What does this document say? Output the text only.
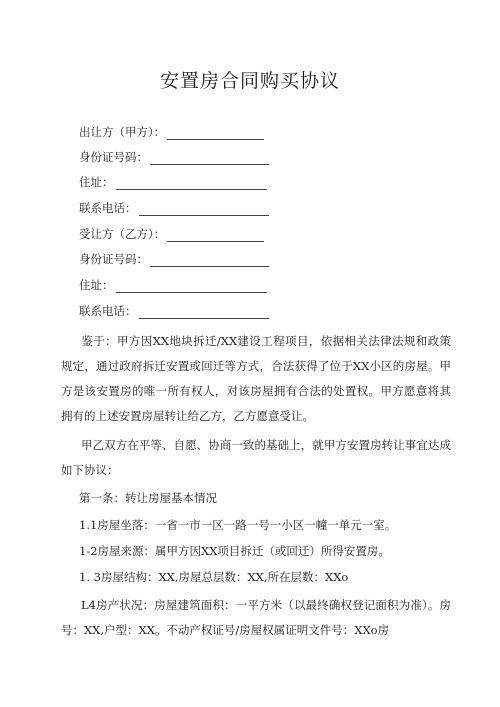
安置房合同购买协议
出让方（甲方）：
身份证号码：
住址：
联系电话：
受让方（乙方）：
身份证号码：
住址：
联系电话：
鉴于：甲方因XX地块拆迁/XX建设工程项目，依据相关法律法规和政策规定，通过政府拆迁安置或回迁等方式，合法获得了位于XX小区的房屋。甲方是该安置房的唯一所有权人，对该房屋拥有合法的处置权。甲方愿意将其拥有的上述安置房屋转让给乙方，乙方愿意受让。
甲乙双方在平等、自愿、协商一致的基础上，就甲方安置房转让事宜达成如下协议：
第一条：转让房屋基本情况
1.1房屋坐落：一省一市一区一路一号一小区一幢一单元一室。
1-2房屋来源：属甲方因XX项目拆迁（或回迁）所得安置房。
1. 3房屋结构：XX,房屋总层数：XX,所在层数：XXo
L4房产状况：房屋建筑面积：一平方米（以最终确权登记面积为准）。房号：XX,户型：XX。不动产权证号/房屋权属证明文件号：XXo房
